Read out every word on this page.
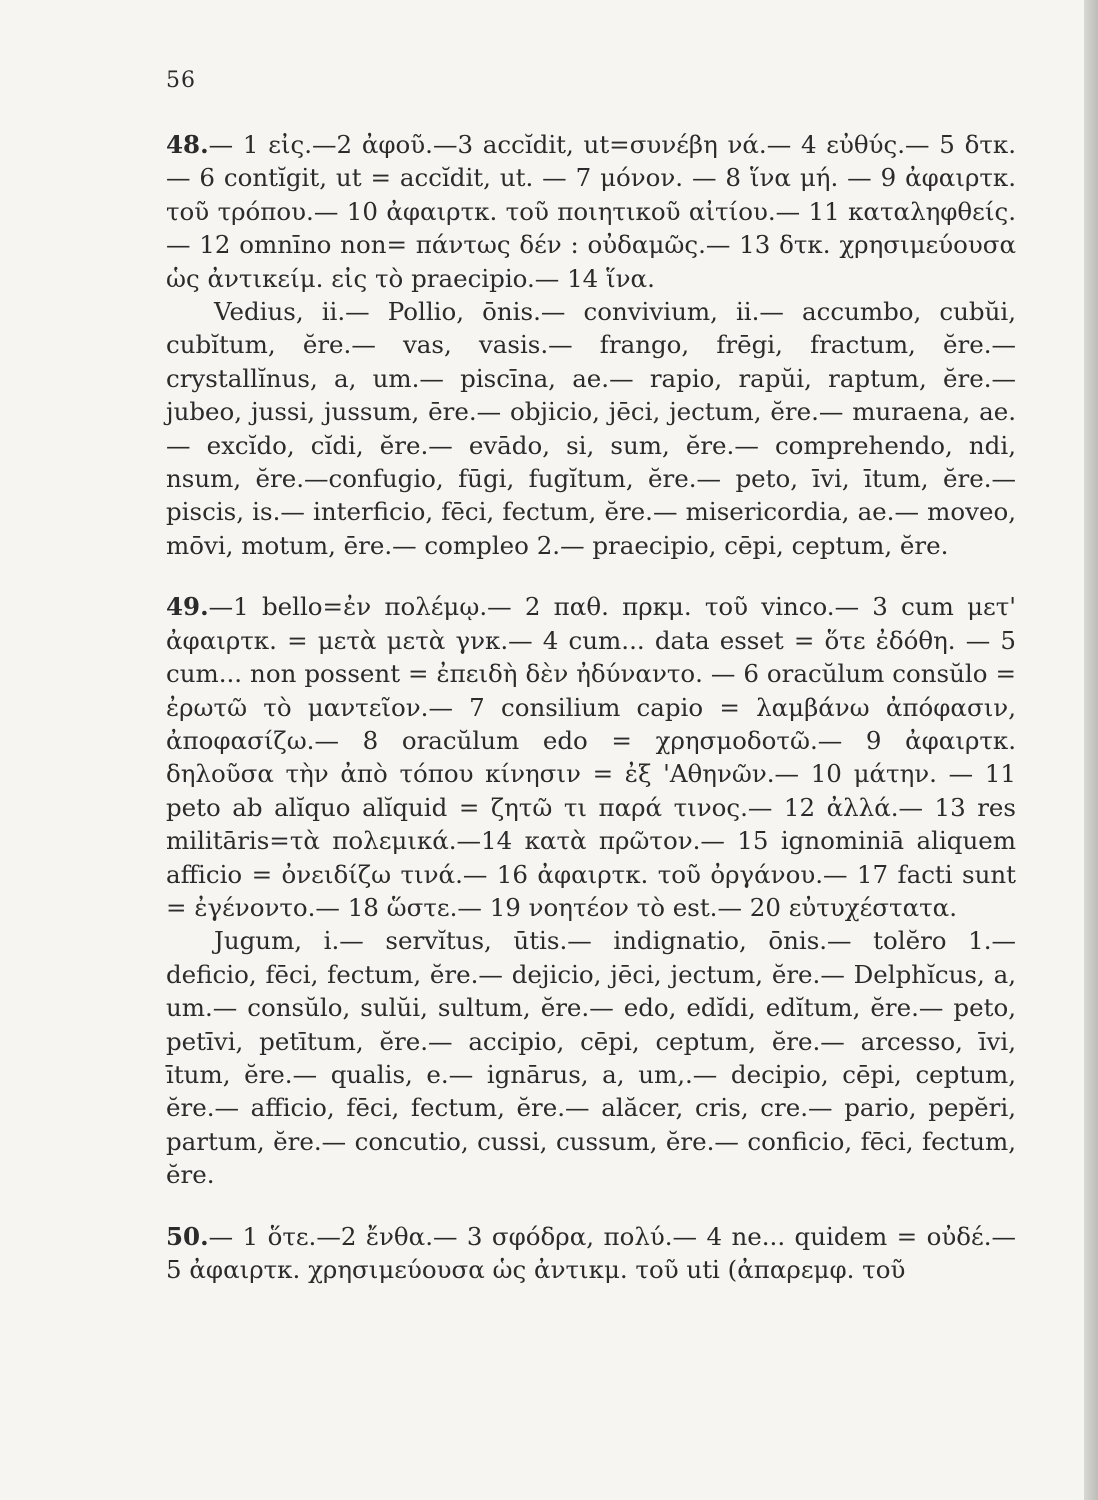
56

48.— 1 εἰς.—2 ἀφοῦ.—3 accĭdit, ut=συνέβη νά.— 4 εὐθύς.— 5 δτκ. — 6 contĭgit, ut = accĭdit, ut. — 7 μόνον. — 8 ἵνα μή. — 9 ἀφαιρτκ. τοῦ τρόπου.— 10 ἀφαιρτκ. τοῦ ποιητικοῦ αἰτίου.— 11 καταληφθείς.— 12 omnīno non= πάντως δέν : οὐδαμῶς.— 13 δτκ. χρησιμεύουσα ὡς ἀντικείμ. εἰς τὸ praecipio.— 14 ἵνα.

Vedius, ii.— Pollio, ōnis.— convivium, ii.— accumbo, cubŭi, cubĭtum, ĕre.— vas, vasis.— frango, frēgi, fractum, ĕre.— crystallĭnus, a, um.— piscīna, ae.— rapio, rapŭi, raptum, ĕre.— jubeo, jussi, jussum, ēre.— objicio, jēci, jectum, ĕre.— muraena, ae.— excĭdo, cĭdi, ĕre.— evādo, si, sum, ĕre.— comprehendo, ndi, nsum, ĕre.—confugio, fūgi, fugĭtum, ĕre.— peto, īvi, ītum, ĕre.— piscis, is.— interficio, fēci, fectum, ĕre.— misericordia, ae.— moveo, mōvi, motum, ēre.— compleo 2.— praecipio, cēpi, ceptum, ĕre.

49.—1 bello=ἐν πολέμῳ.— 2 παθ. πρκμ. τοῦ vinco.— 3 cum μετ' ἀφαιρτκ. = μετὰ μετὰ γνκ.— 4 cum... data esset = ὅτε ἐδόθη. — 5 cum... non possent = ἐπειδὴ δὲν ἠδύναντο. — 6 oracŭlum consŭlo = ἐρωτῶ τὸ μαντεῖον.— 7 consilium capio = λαμβάνω ἀπόφασιν, ἀποφασίζω.— 8 oracŭlum edo = χρησμοδοτῶ.— 9 ἀφαιρτκ. δηλοῦσα τὴν ἀπὸ τόπου κίνησιν = ἐξ 'Αθηνῶν.— 10 μάτην. — 11 peto ab alĭquo alĭquid = ζητῶ τι παρά τινος.— 12 ἀλλά.— 13 res militāris=τὰ πολεμικά.—14 κατὰ πρῶτον.— 15 ignominiā aliquem afficio = ὀνειδίζω τινά.— 16 ἀφαιρτκ. τοῦ ὀργάνου.— 17 facti sunt = ἐγένοντο.— 18 ὥστε.— 19 νοητέον τὸ est.— 20 εὐτυχέστατα.

Jugum, i.— servĭtus, ūtis.— indignatio, ōnis.— tolĕro 1.— deficio, fēci, fectum, ĕre.— dejicio, jēci, jectum, ĕre.— Delphĭcus, a, um.— consŭlo, sulŭi, sultum, ĕre.— edo, edĭdi, edĭtum, ĕre.— peto, petīvi, petītum, ĕre.— accipio, cēpi, ceptum, ĕre.— arcesso, īvi, ītum, ĕre.— qualis, e.— ignārus, a, um,.— decipio, cēpi, ceptum, ĕre.— afficio, fēci, fectum, ĕre.— alăcer, cris, cre.— pario, pepĕri, partum, ĕre.— concutio, cussi, cussum, ĕre.— conficio, fēci, fectum, ĕre.

50.— 1 ὅτε.—2 ἔνθα.— 3 σφόδρα, πολύ.— 4 ne... quidem = οὐδέ.— 5 ἀφαιρτκ. χρησιμεύουσα ὡς ἀντικμ. τοῦ uti (ἀπαρεμφ. τοῦ
